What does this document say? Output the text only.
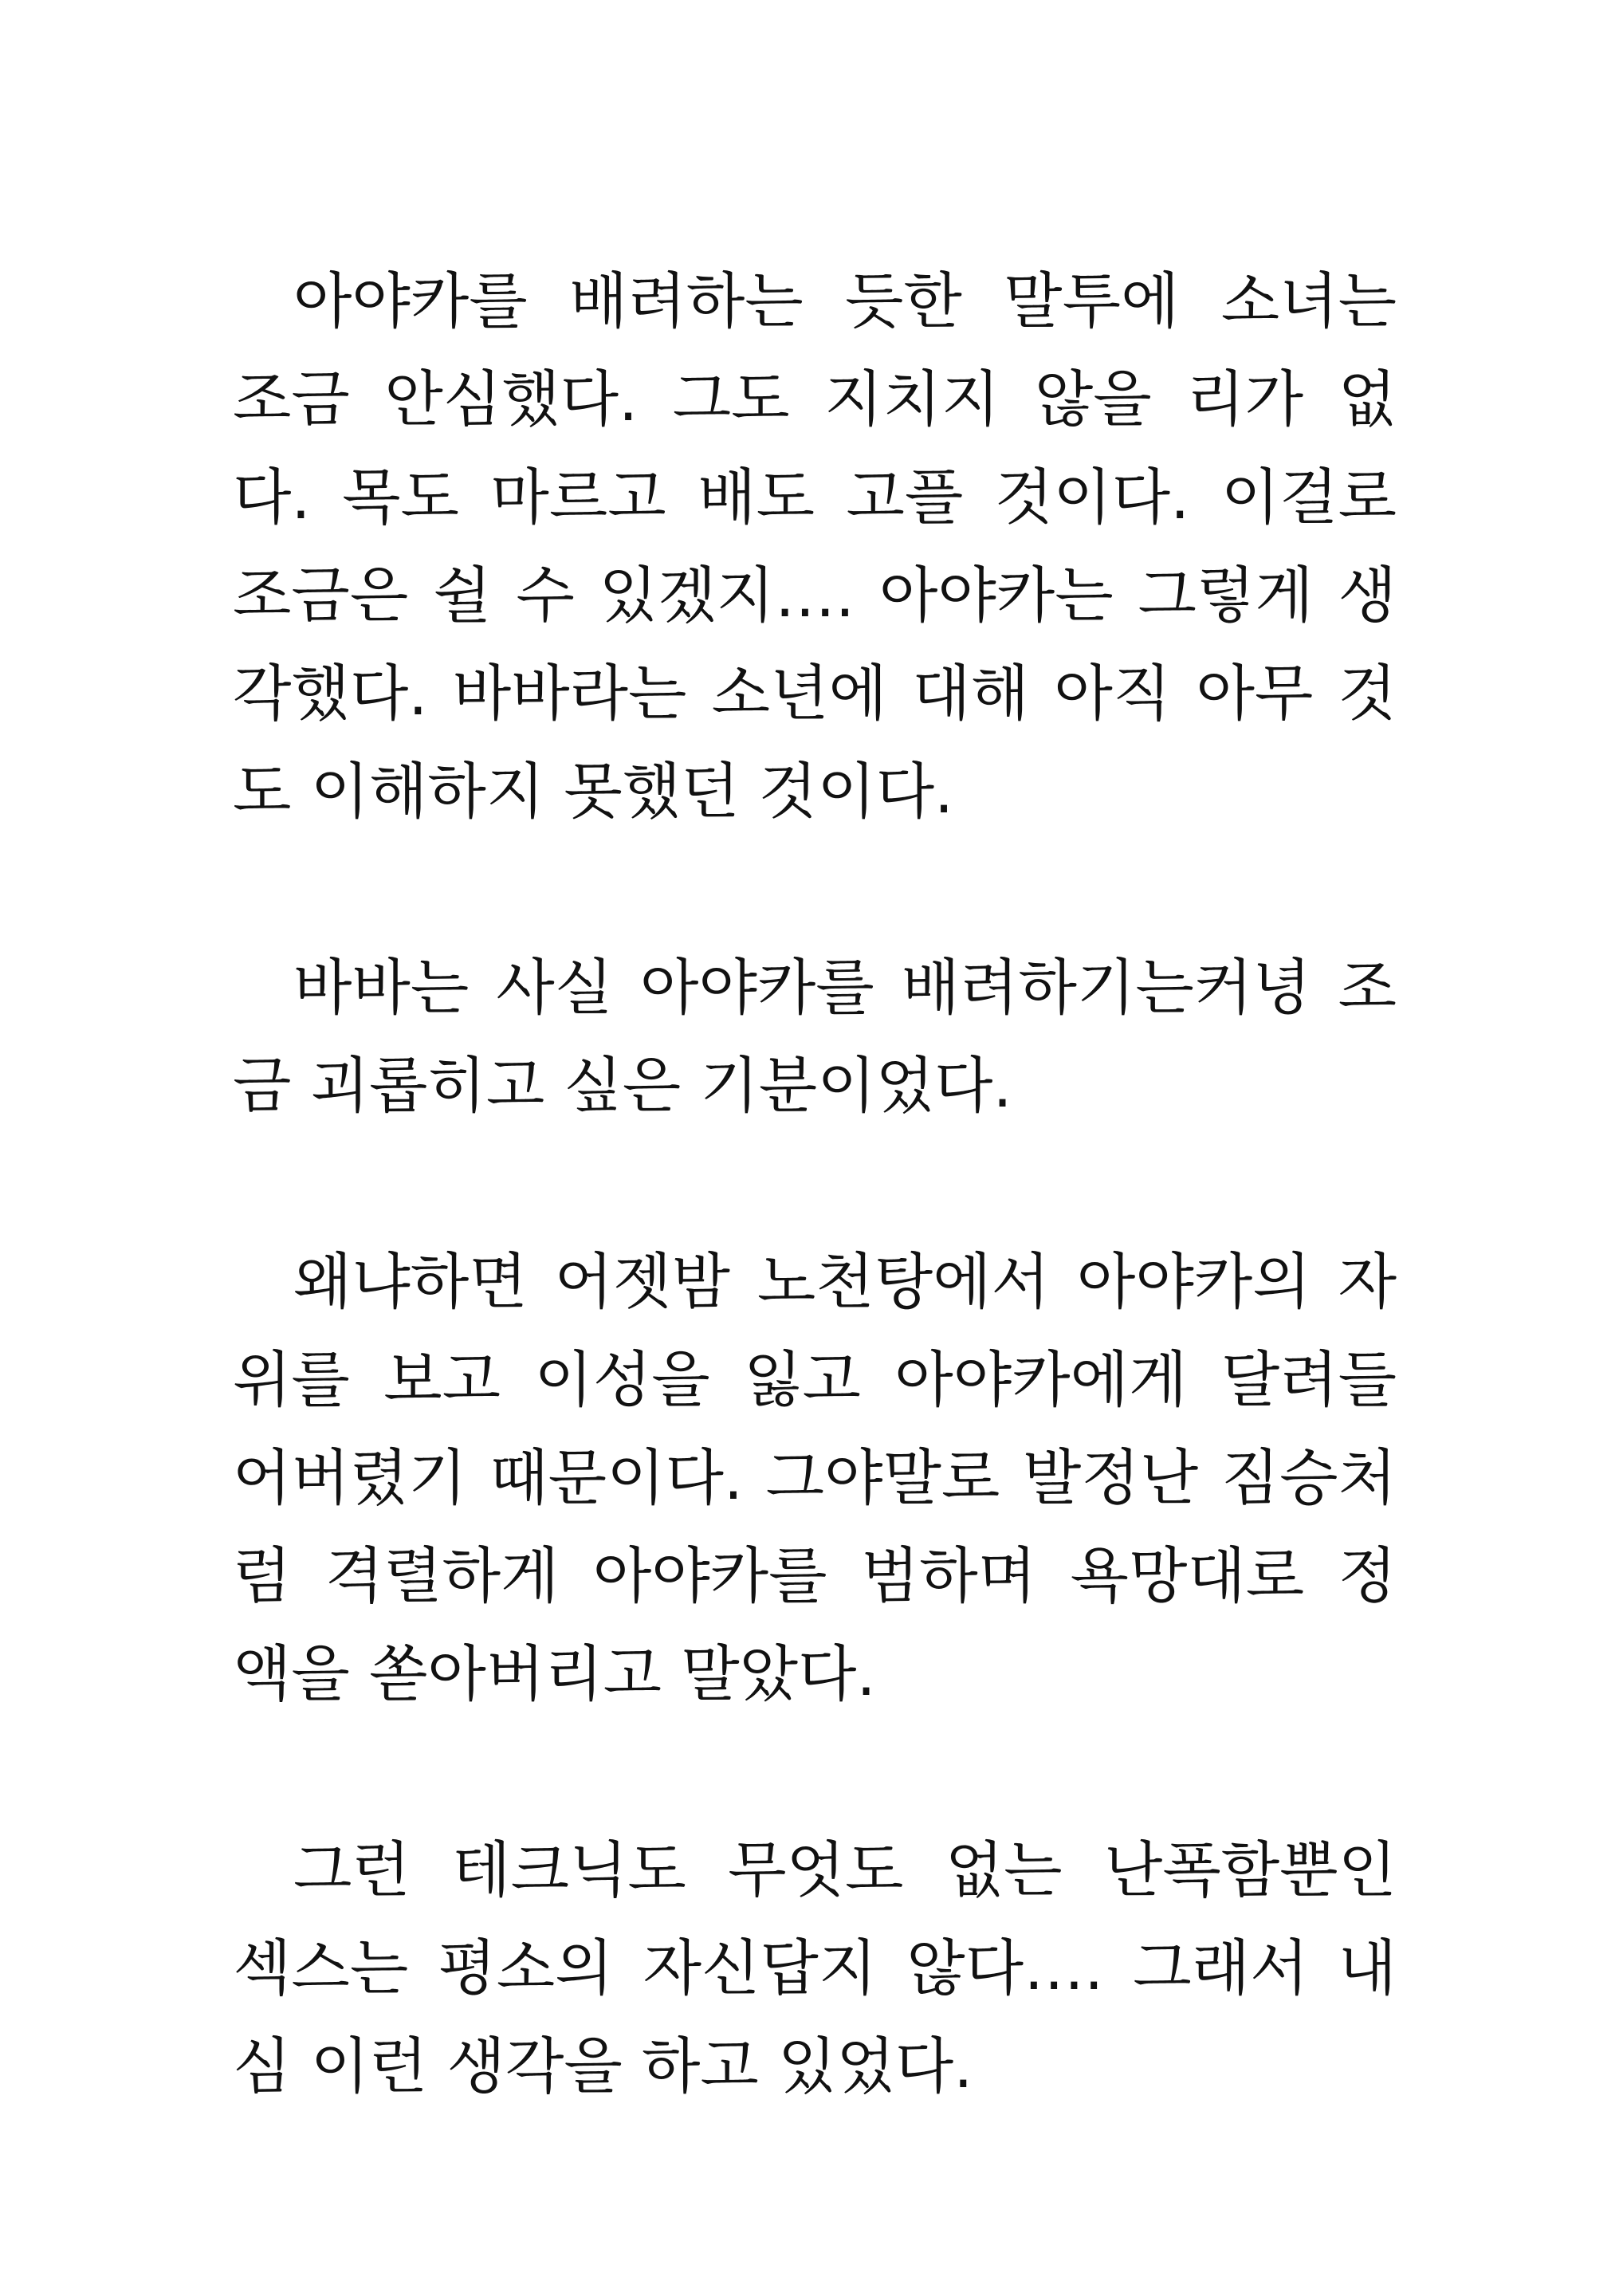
아야카를 배려하는 듯한 말투에 소녀는
조금 안심했다. 그도 지치지 않을 리가 없
다. 목도 마르고 배도 고플 것이다. 이걸로
조금은 쉴 수 있겠지…. 아야카는 그렇게 생
각했다. 바바라는 소년에 대해 아직 아무 것
도 이해하지 못했던 것이다.
바바는 사실 아야카를 배려하기는커녕 조
금 괴롭히고 싶은 기분이었다.
왜냐하면 어젯밤 노천탕에서 아야카의 자
위를 보고 이성을 잃고 아야카에게 달려들
어버렸기 때문이다. 그야말로 발정난 짐승처
럼 격렬하게 아야카를 범하며 욕망대로 정
액을 쏟아버리고 말았다.
그런 테크닉도 무엇도 없는 난폭함뿐인
섹스는 평소의 자신답지 않다…. 그래서 내
심 이런 생각을 하고 있었다.
